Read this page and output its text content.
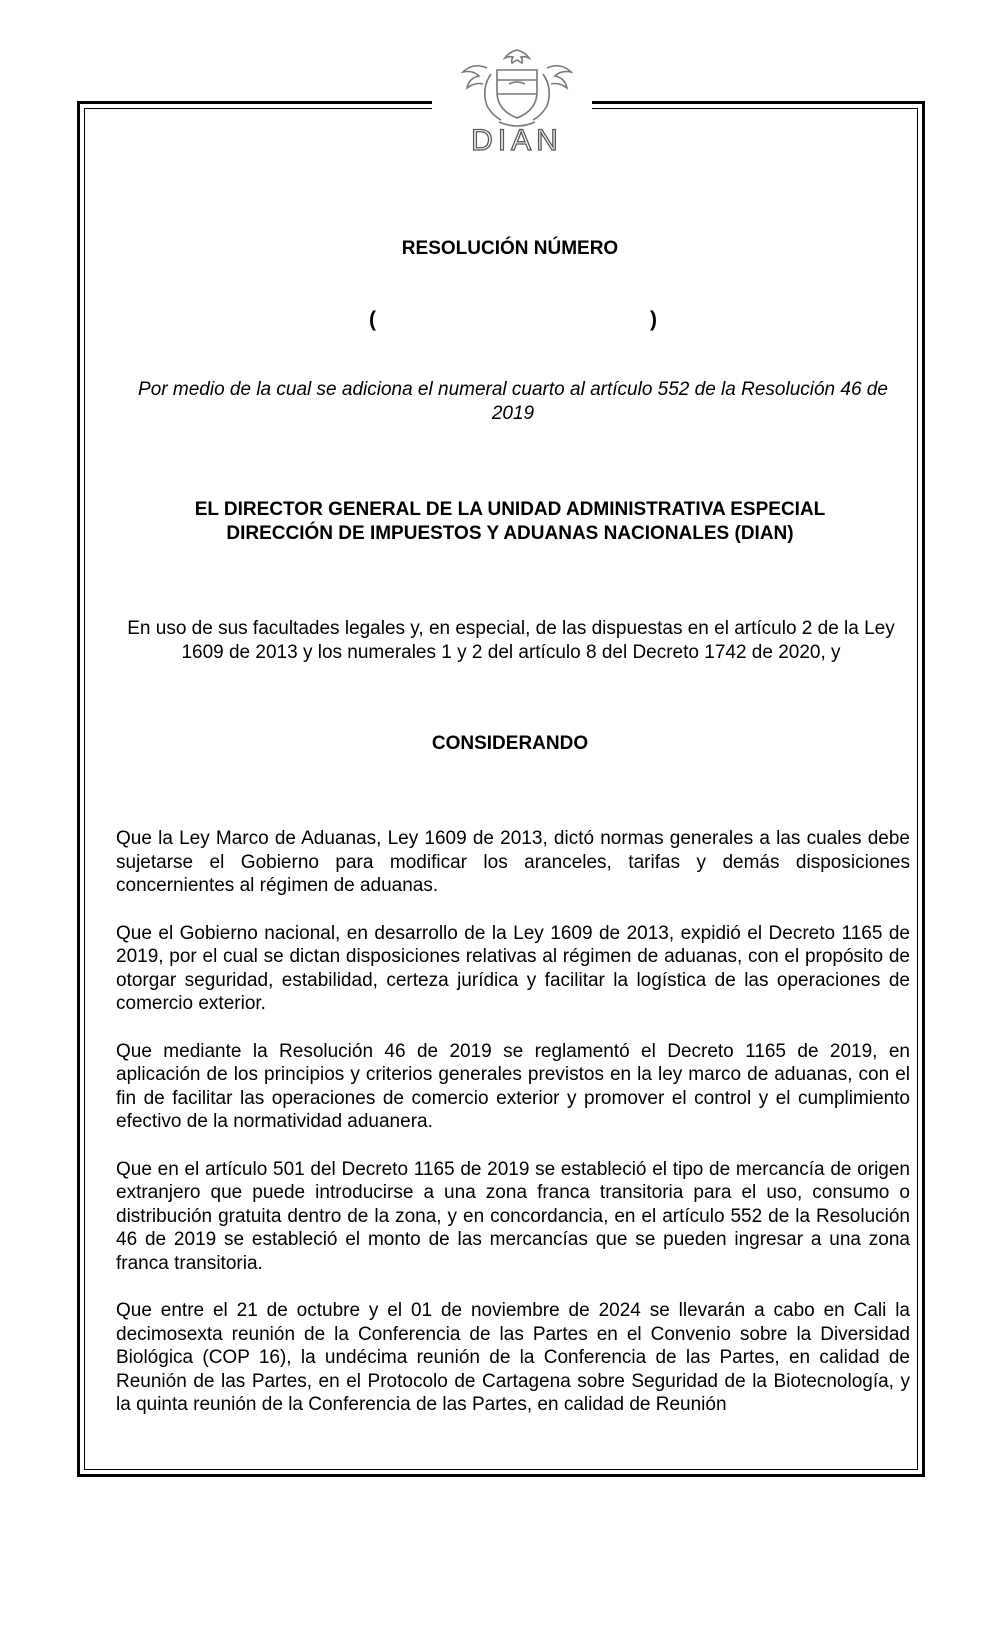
DIAN
RESOLUCIÓN NÚMERO
(	)
Por medio de la cual se adiciona el numeral cuarto al artículo 552 de la Resolución 46 de 2019
EL DIRECTOR GENERAL DE LA UNIDAD ADMINISTRATIVA ESPECIAL
DIRECCIÓN DE IMPUESTOS Y ADUANAS NACIONALES (DIAN)
En uso de sus facultades legales y, en especial, de las dispuestas en el artículo 2 de la Ley 1609 de 2013 y los numerales 1 y 2 del artículo 8 del Decreto 1742 de 2020, y
CONSIDERANDO

Que la Ley Marco de Aduanas, Ley 1609 de 2013, dictó normas generales a las cuales debe sujetarse el Gobierno para modificar los aranceles, tarifas y demás disposiciones concernientes al régimen de aduanas.

Que el Gobierno nacional, en desarrollo de la Ley 1609 de 2013, expidió el Decreto 1165 de 2019, por el cual se dictan disposiciones relativas al régimen de aduanas, con el propósito de otorgar seguridad, estabilidad, certeza jurídica y facilitar la logística de las operaciones de comercio exterior.

Que mediante la Resolución 46 de 2019 se reglamentó el Decreto 1165 de 2019, en aplicación de los principios y criterios generales previstos en la ley marco de aduanas, con el fin de facilitar las operaciones de comercio exterior y promover el control y el cumplimiento efectivo de la normatividad aduanera.

Que en el artículo 501 del Decreto 1165 de 2019 se estableció el tipo de mercancía de origen extranjero que puede introducirse a una zona franca transitoria para el uso, consumo o distribución gratuita dentro de la zona, y en concordancia, en el artículo 552 de la Resolución 46 de 2019 se estableció el monto de las mercancías que se pueden ingresar a una zona franca transitoria.

Que entre el 21 de octubre y el 01 de noviembre de 2024 se llevarán a cabo en Cali la decimosexta reunión de la Conferencia de las Partes en el Convenio sobre la Diversidad Biológica (COP 16), la undécima reunión de la Conferencia de las Partes, en calidad de Reunión de las Partes, en el Protocolo de Cartagena sobre Seguridad de la Biotecnología, y la quinta reunión de la Conferencia de las Partes, en calidad de Reunión
